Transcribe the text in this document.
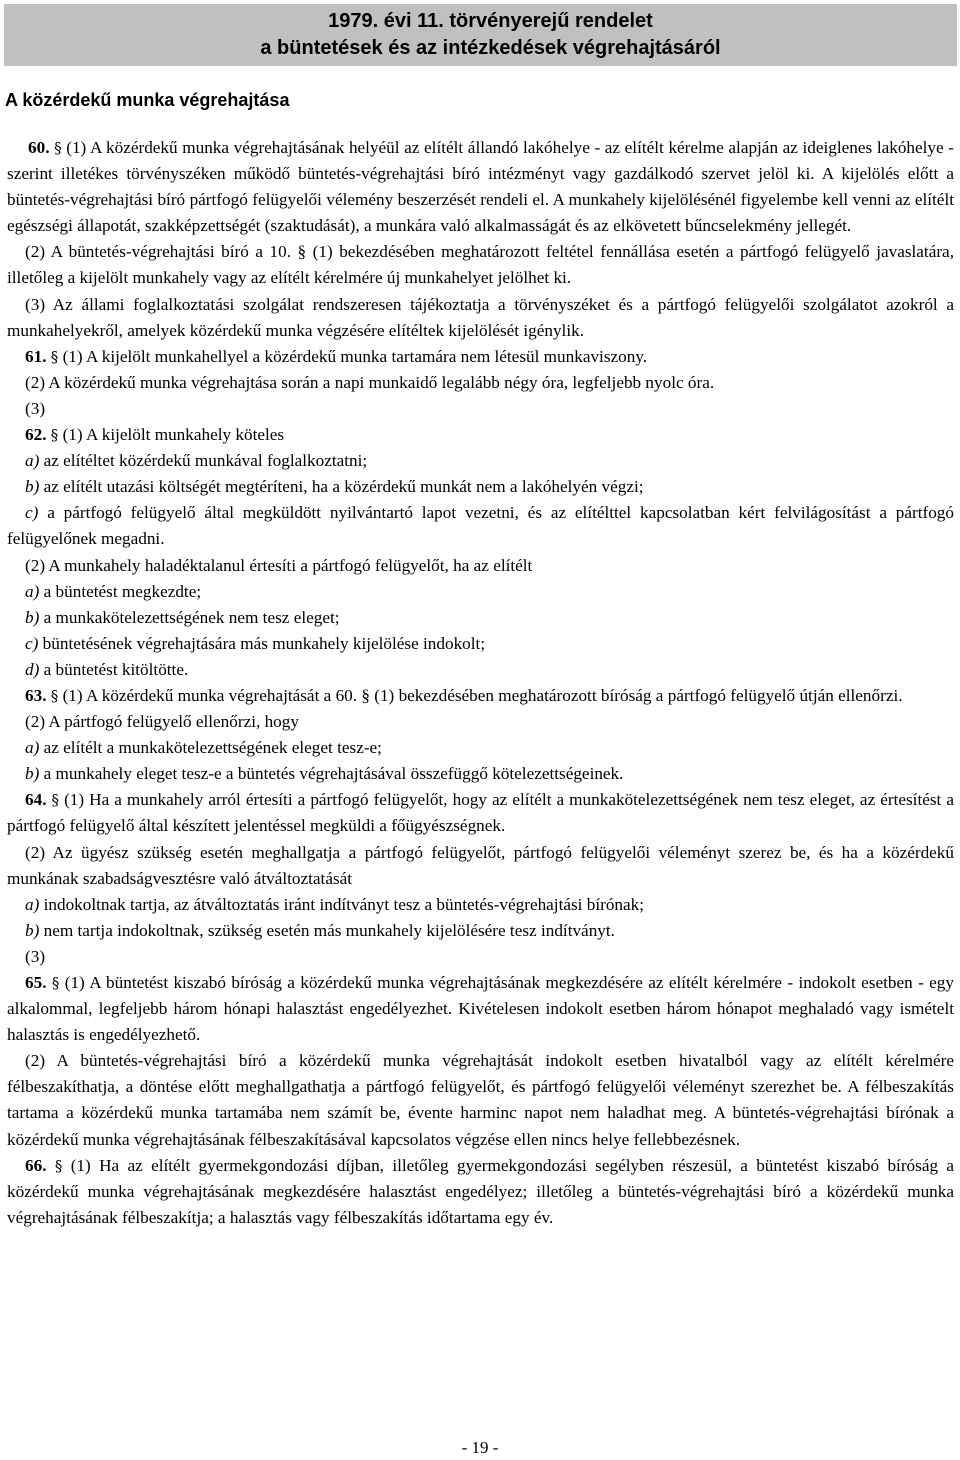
1979. évi 11. törvényerejű rendelet
a büntetések és az intézkedések végrehajtásáról
A közérdekű munka végrehajtása

60. § (1) A közérdekű munka végrehajtásának helyéül az elítélt állandó lakóhelye - az elítélt kérelme alapján az ideiglenes lakóhelye - szerint illetékes törvényszéken működő büntetés-végrehajtási bíró intézményt vagy gazdálkodó szervet jelöl ki. A kijelölés előtt a büntetés-végrehajtási bíró pártfogó felügyelői vélemény beszerzését rendeli el. A munkahely kijelölésénél figyelembe kell venni az elítélt egészségi állapotát, szakképzettségét (szaktudását), a munkára való alkalmasságát és az elkövetett bűncselekmény jellegét.

(2) A büntetés-végrehajtási bíró a 10. § (1) bekezdésében meghatározott feltétel fennállása esetén a pártfogó felügyelő javaslatára, illetőleg a kijelölt munkahely vagy az elítélt kérelmére új munkahelyet jelölhet ki.

(3) Az állami foglalkoztatási szolgálat rendszeresen tájékoztatja a törvényszéket és a pártfogó felügyelői szolgálatot azokról a munkahelyekről, amelyek közérdekű munka végzésére elítéltek kijelölését igénylik.

61. § (1) A kijelölt munkahellyel a közérdekű munka tartamára nem létesül munkaviszony.

(2) A közérdekű munka végrehajtása során a napi munkaidő legalább négy óra, legfeljebb nyolc óra.

(3)

62. § (1) A kijelölt munkahely köteles

a) az elítéltet közérdekű munkával foglalkoztatni;

b) az elítélt utazási költségét megtéríteni, ha a közérdekű munkát nem a lakóhelyén végzi;

c) a pártfogó felügyelő által megküldött nyilvántartó lapot vezetni, és az elítélttel kapcsolatban kért felvilágosítást a pártfogó felügyelőnek megadni.

(2) A munkahely haladéktalanul értesíti a pártfogó felügyelőt, ha az elítélt

a) a büntetést megkezdte;

b) a munkakötelezettségének nem tesz eleget;

c) büntetésének végrehajtására más munkahely kijelölése indokolt;

d) a büntetést kitöltötte.

63. § (1) A közérdekű munka végrehajtását a 60. § (1) bekezdésében meghatározott bíróság a pártfogó felügyelő útján ellenőrzi.

(2) A pártfogó felügyelő ellenőrzi, hogy

a) az elítélt a munkakötelezettségének eleget tesz-e;

b) a munkahely eleget tesz-e a büntetés végrehajtásával összefüggő kötelezettségeinek.

64. § (1) Ha a munkahely arról értesíti a pártfogó felügyelőt, hogy az elítélt a munkakötelezettségének nem tesz eleget, az értesítést a pártfogó felügyelő által készített jelentéssel megküldi a főügyészségnek.

(2) Az ügyész szükség esetén meghallgatja a pártfogó felügyelőt, pártfogó felügyelői véleményt szerez be, és ha a közérdekű munkának szabadságvesztésre való átváltoztatását

a) indokoltnak tartja, az átváltoztatás iránt indítványt tesz a büntetés-végrehajtási bírónak;

b) nem tartja indokoltnak, szükség esetén más munkahely kijelölésére tesz indítványt.

(3)

65. § (1) A büntetést kiszabó bíróság a közérdekű munka végrehajtásának megkezdésére az elítélt kérelmére - indokolt esetben - egy alkalommal, legfeljebb három hónapi halasztást engedélyezhet. Kivételesen indokolt esetben három hónapot meghaladó vagy ismételt halasztás is engedélyezhető.

(2) A büntetés-végrehajtási bíró a közérdekű munka végrehajtását indokolt esetben hivatalból vagy az elítélt kérelmére félbeszakíthatja, a döntése előtt meghallgathatja a pártfogó felügyelőt, és pártfogó felügyelői véleményt szerezhet be. A félbeszakítás tartama a közérdekű munka tartamába nem számít be, évente harminc napot nem haladhat meg. A büntetés-végrehajtási bírónak a közérdekű munka végrehajtásának félbeszakításával kapcsolatos végzése ellen nincs helye fellebbezésnek.

66. § (1) Ha az elítélt gyermekgondozási díjban, illetőleg gyermekgondozási segélyben részesül, a büntetést kiszabó bíróság a közérdekű munka végrehajtásának megkezdésére halasztást engedélyez; illetőleg a büntetés-végrehajtási bíró a közérdekű munka végrehajtásának félbeszakítja; a halasztás vagy félbeszakítás időtartama egy év.

- 19 -
